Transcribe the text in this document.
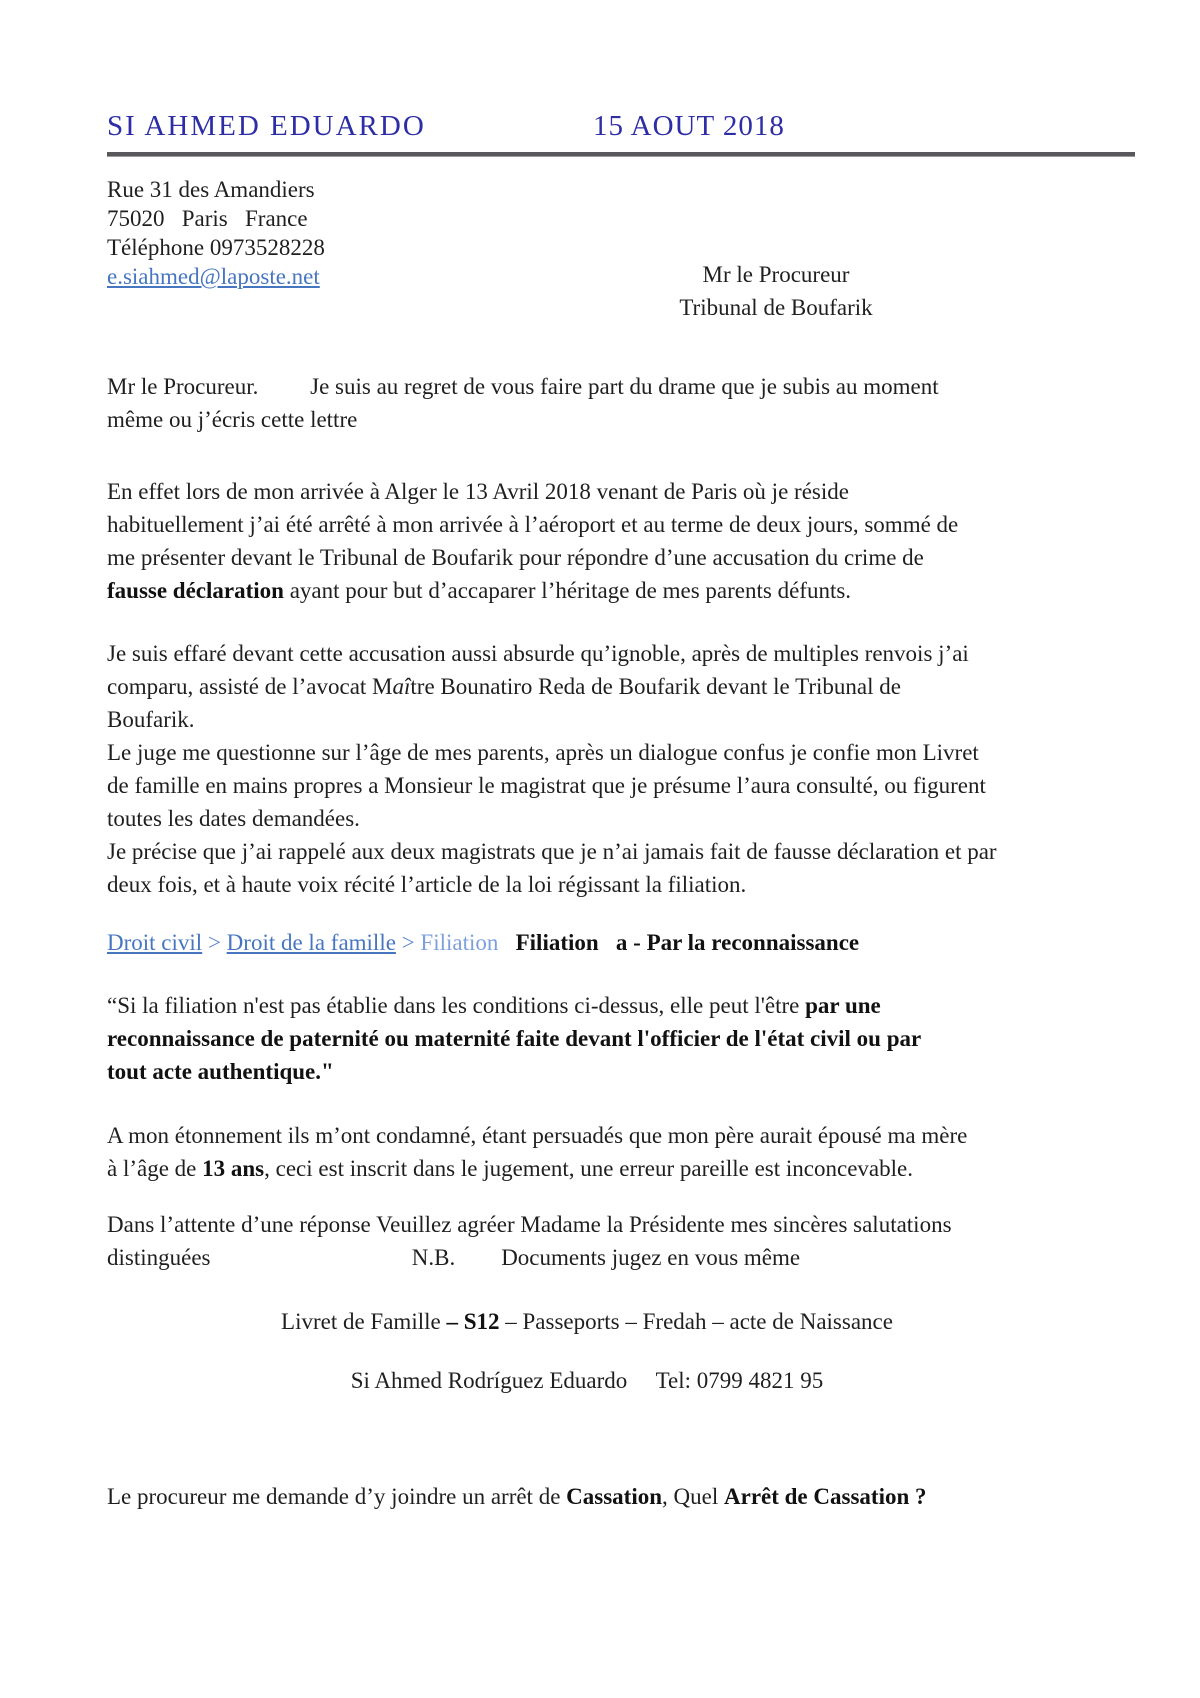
SI AHMED EDUARDO	15 AOUT 2018
Rue 31 des Amandiers
75020   Paris   France
Téléphone 0973528228
e.siahmed@laposte.net

Mr le Procureur.         Je suis au regret de vous faire part du drame que je subis au moment
même ou j’écris cette lettre

En effet lors de mon arrivée à Alger le 13 Avril 2018 venant de Paris où je réside
habituellement j’ai été arrêté à mon arrivée à l’aéroport et au terme de deux jours, sommé de
me présenter devant le Tribunal de Boufarik pour répondre d’une accusation du crime de
fausse déclaration ayant pour but d’accaparer l’héritage de mes parents défunts.

Je suis effaré devant cette accusation aussi absurde qu’ignoble, après de multiples renvois j’ai
comparu, assisté de l’avocat Maître Bounatiro Reda de Boufarik devant le Tribunal de
Boufarik.
Le juge me questionne sur l’âge de mes parents, après un dialogue confus je confie mon Livret
de famille en mains propres a Monsieur le magistrat que je présume l’aura consulté, ou figurent
toutes les dates demandées.
Je précise que j’ai rappelé aux deux magistrats que je n’ai jamais fait de fausse déclaration et par
deux fois, et à haute voix récité l’article de la loi régissant la filiation.

Droit civil > Droit de la famille > Filiation Filiation   a - Par la reconnaissance

“Si la filiation n'est pas établie dans les conditions ci-dessus, elle peut l'être par une
reconnaissance de paternité ou maternité faite devant l'officier de l'état civil ou par
tout acte authentique."

A mon étonnement ils m’ont condamné, étant persuadés que mon père aurait épousé ma mère
à l’âge de 13 ans, ceci est inscrit dans le jugement, une erreur pareille est inconcevable.

Dans l’attente d’une réponse Veuillez agréer Madame la Présidente mes sincères salutations
distinguées                                   N.B.        Documents jugez en vous même

Livret de Famille – S12 – Passeports – Fredah – acte de Naissance

Si Ahmed Rodríguez Eduardo     Tel: 0799 4821 95

Le procureur me demande d’y joindre un arrêt de Cassation, Quel Arrêt de Cassation ?

Mr le Procureur
Tribunal de Boufarik
